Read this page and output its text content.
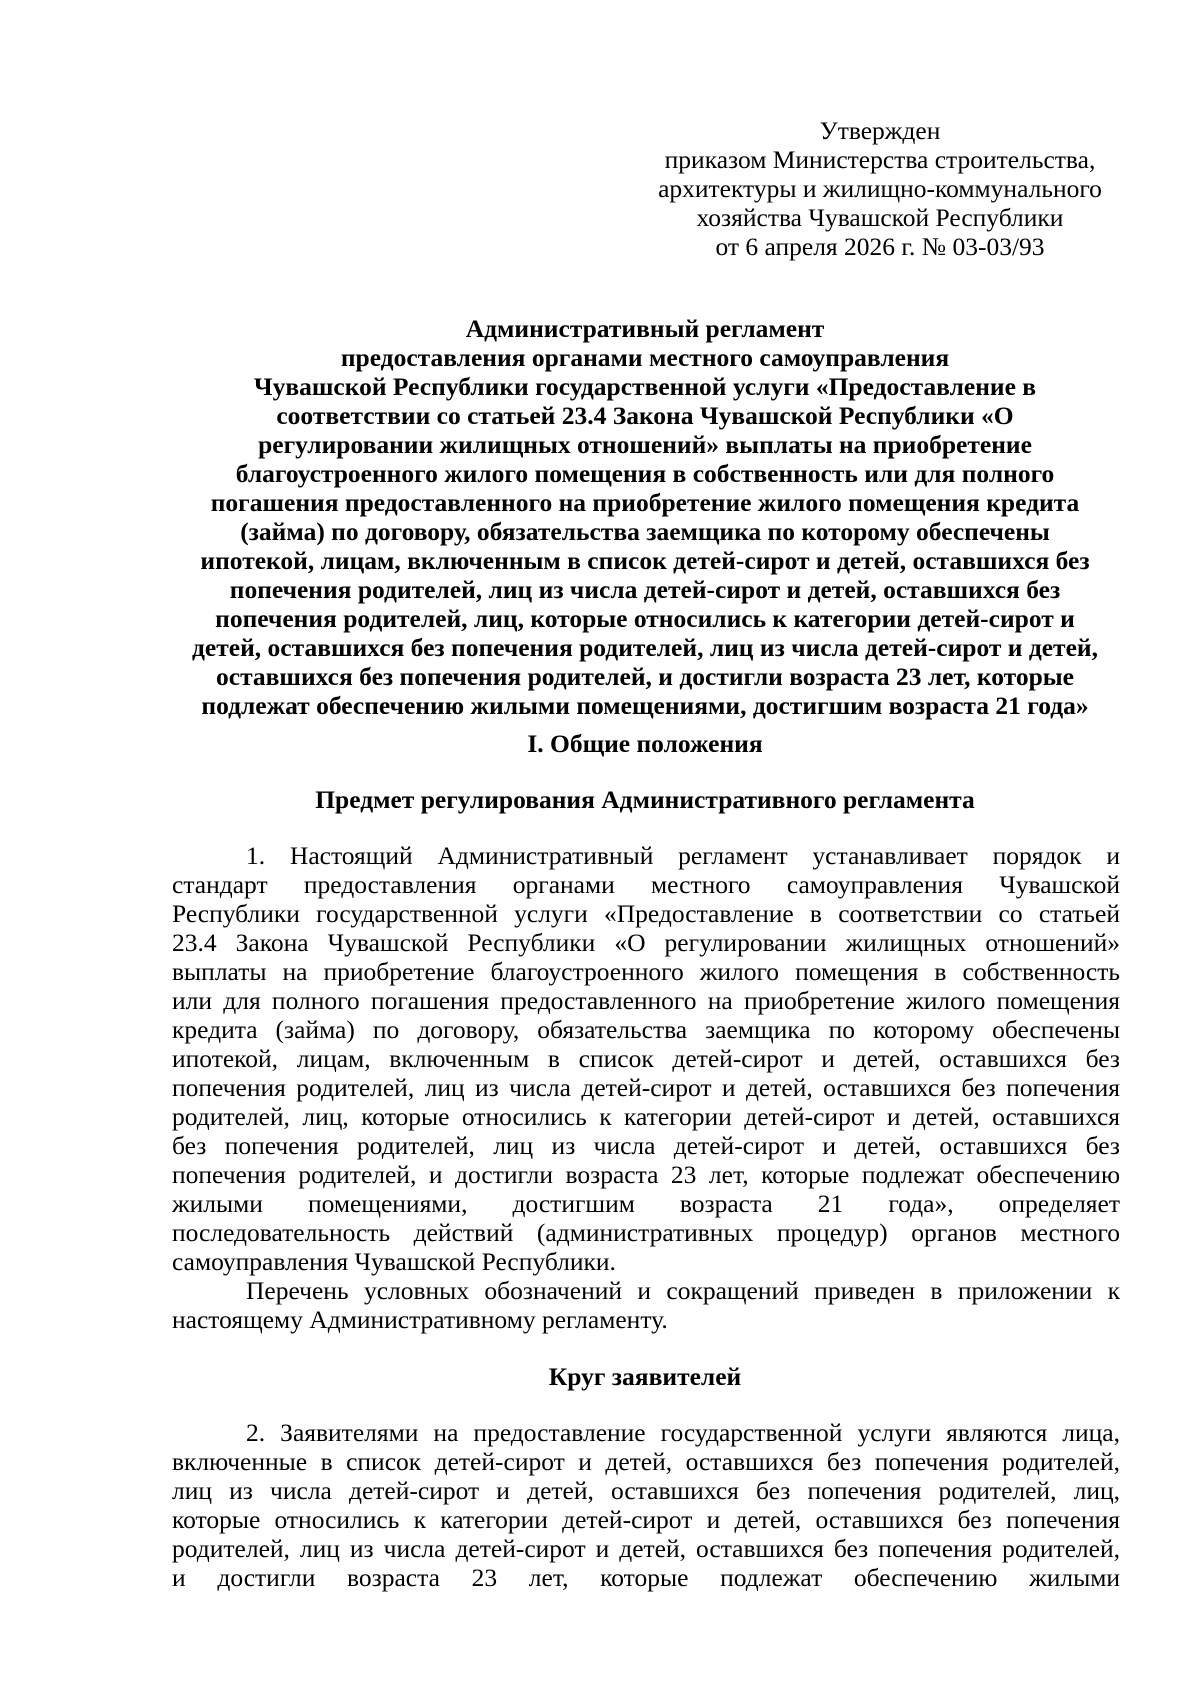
Утвержден
приказом Министерства строительства,
архитектуры и жилищно-коммунального
хозяйства Чувашской Республики
от 6 апреля 2026 г. № 03-03/93
Административный регламент
предоставления органами местного самоуправления
Чувашской Республики государственной услуги «Предоставление в
соответствии со статьей 23.4 Закона Чувашской Республики «О
регулировании жилищных отношений» выплаты на приобретение
благоустроенного жилого помещения в собственность или для полного
погашения предоставленного на приобретение жилого помещения кредита
(займа) по договору, обязательства заемщика по которому обеспечены
ипотекой, лицам, включенным в список детей-сирот и детей, оставшихся без
попечения родителей, лиц из числа детей-сирот и детей, оставшихся без
попечения родителей, лиц, которые относились к категории детей-сирот и
детей, оставшихся без попечения родителей, лиц из числа детей-сирот и детей,
оставшихся без попечения родителей, и достигли возраста 23 лет, которые
подлежат обеспечению жилыми помещениями, достигшим возраста 21 года»
I. Общие положения
Предмет регулирования Административного регламента
1. Настоящий Административный регламент устанавливает порядок и
стандарт предоставления органами местного самоуправления Чувашской
Республики государственной услуги «Предоставление в соответствии со статьей
23.4 Закона Чувашской Республики «О регулировании жилищных отношений»
выплаты на приобретение благоустроенного жилого помещения в собственность
или для полного погашения предоставленного на приобретение жилого помещения
кредита (займа) по договору, обязательства заемщика по которому обеспечены
ипотекой, лицам, включенным в список детей-сирот и детей, оставшихся без
попечения родителей, лиц из числа детей-сирот и детей, оставшихся без попечения
родителей, лиц, которые относились к категории детей-сирот и детей, оставшихся
без попечения родителей, лиц из числа детей-сирот и детей, оставшихся без
попечения родителей, и достигли возраста 23 лет, которые подлежат обеспечению
жилыми помещениями, достигшим возраста 21 года», определяет
последовательность действий (административных процедур) органов местного
самоуправления Чувашской Республики.
Перечень условных обозначений и сокращений приведен в приложении к
настоящему Административному регламенту.
Круг заявителей
2. Заявителями на предоставление государственной услуги являются лица,
включенные в список детей-сирот и детей, оставшихся без попечения родителей,
лиц из числа детей-сирот и детей, оставшихся без попечения родителей, лиц,
которые относились к категории детей-сирот и детей, оставшихся без попечения
родителей, лиц из числа детей-сирот и детей, оставшихся без попечения родителей,
и достигли возраста 23 лет, которые подлежат обеспечению жилыми
